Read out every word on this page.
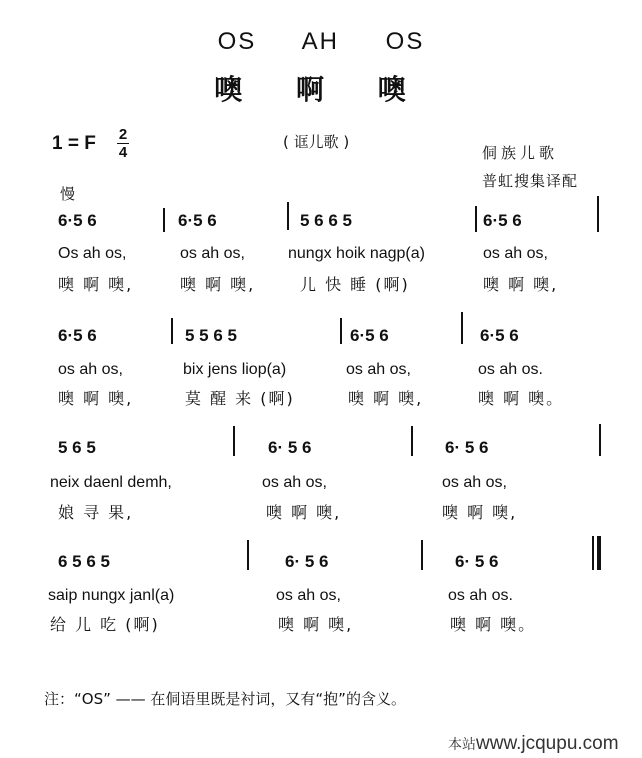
OS AH OS
噢 啊 噢
1 = F 2
4
( 诓儿歌 )
侗族儿歌
普虹搜集译配
慢
6·5 6	6·5 6	5 6 6 5	6·5 6
Os ah os,	os ah os,	nungx hoik nagp(a)	os ah os,
噢 啊 噢,	噢 啊 噢,	儿 快 睡 (啊)	噢 啊 噢,
6·5 6	5 5 6 5	6·5 6	6·5 6
os ah os,	bix jens liop(a)	os ah os,	os ah os.
噢 啊 噢,	莫 醒 来 (啊)	噢 啊 噢,	噢 啊 噢。
5 6 5	6· 5 6	6· 5 6
neix daenl demh,	os ah os,	os ah os,
娘 寻 果,	噢 啊 噢,	噢 啊 噢,
6 5 6 5	6· 5 6	6· 5 6
saip nungx janl(a)	os ah os,	os ah os.
给 儿 吃 (啊)	噢 啊 噢,	噢 啊 噢。
注：“OS” —— 在侗语里既是衬词，又有“抱”的含义。
本站www.jcqupu.com
